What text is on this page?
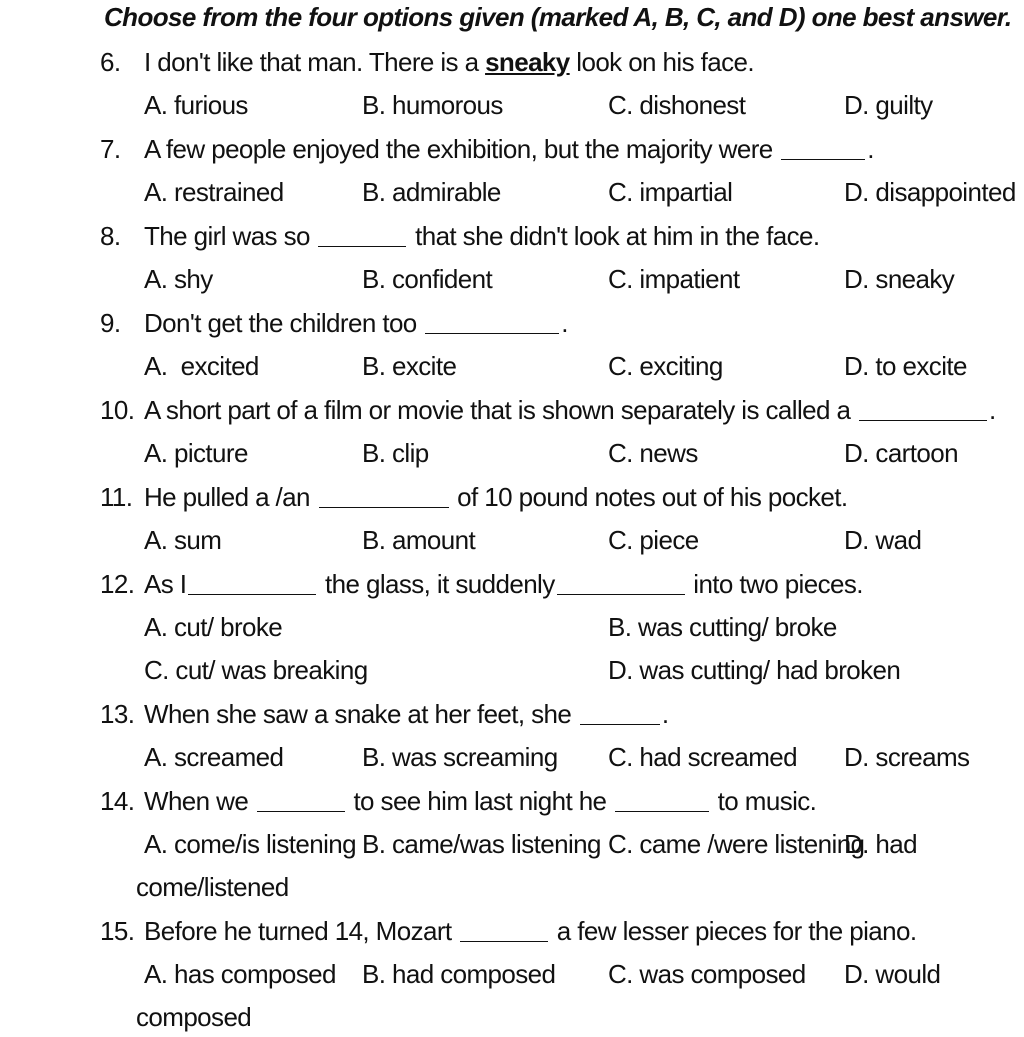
Choose from the four options given (marked A, B, C, and D) one best answer.
6. I don't like that man. There is a sneaky look on his face.
A. furious	B. humorous	C. dishonest	D. guilty
7. A few people enjoyed the exhibition, but the majority were	.
A. restrained	B. admirable	C. impartial	D. disappointed
8. The girl was so	that she didn't look at him in the face.
A. shy	B. confident	C. impatient	D. sneaky
9. Don't get the children too	.
A.  excited	B. excite	C. exciting	D. to excite
10. A short part of a film or movie that is shown separately is called a	.
A. picture	B. clip	C. news	D. cartoon
11. He pulled a /an	of 10 pound notes out of his pocket.
A. sum	B. amount	C. piece	D. wad
12. As I	the glass, it suddenly	into two pieces.
A. cut/ broke	B. was cutting/ broke
C. cut/ was breaking	D. was cutting/ had broken
13. When she saw a snake at her feet, she	.
A. screamed	B. was screaming C. had screamed D. screams
14. When we	to see him last night he	to music.
A. come/is listening B. came/was listening C. came /were listening
D. had
come/listened
15. Before he turned 14, Mozart	a few lesser pieces for the piano.
A. has composed B. had composed C. was composed D. would
composed
